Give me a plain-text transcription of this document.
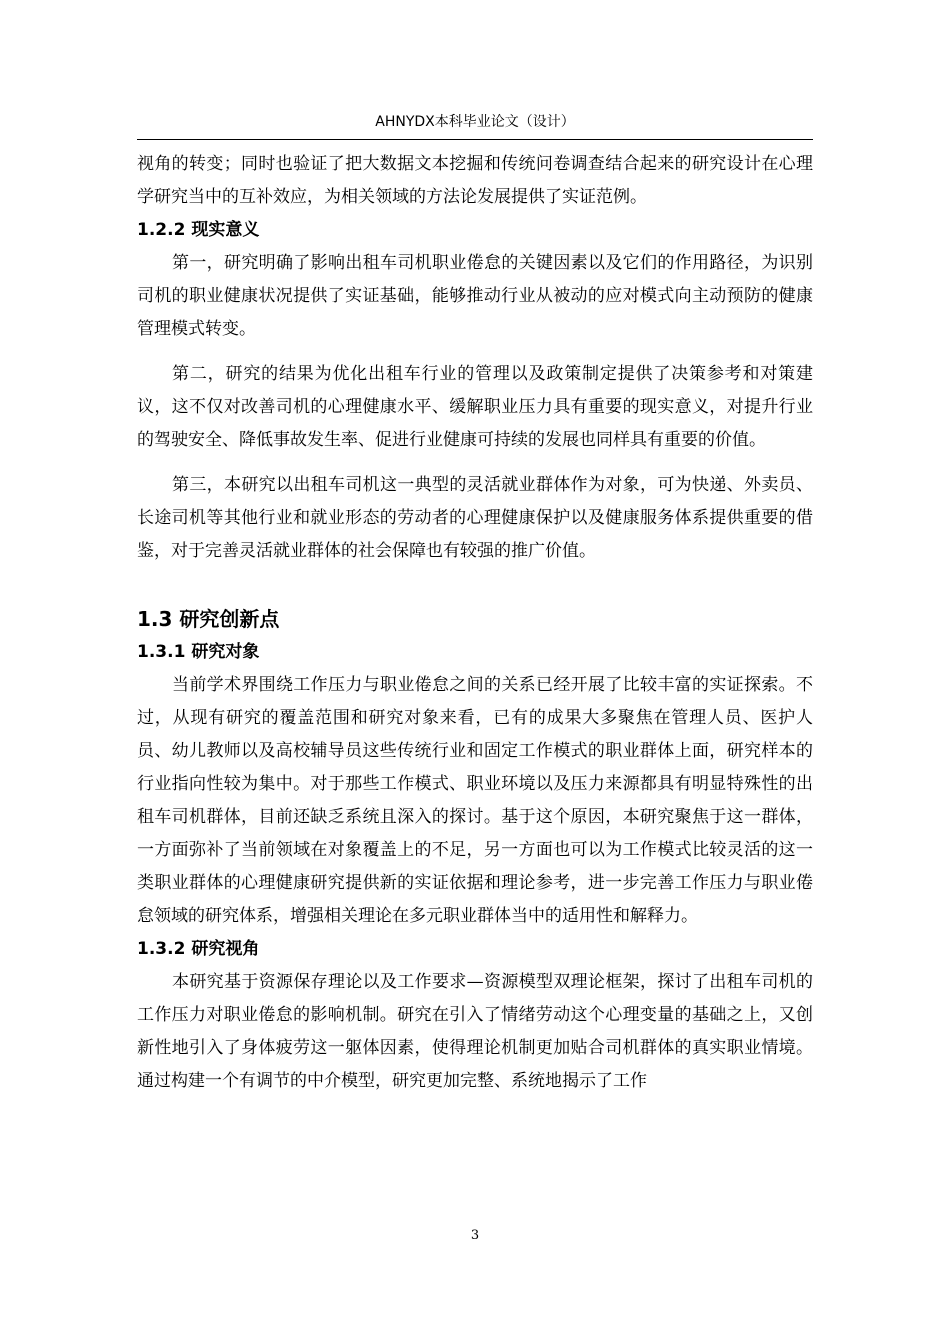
AHNYDX本科毕业论文（设计）

视角的转变；同时也验证了把大数据文本挖掘和传统问卷调查结合起来的研究设计在心理学研究当中的互补效应，为相关领域的方法论发展提供了实证范例。

1.2.2 现实意义

第一，研究明确了影响出租车司机职业倦怠的关键因素以及它们的作用路径，为识别司机的职业健康状况提供了实证基础，能够推动行业从被动的应对模式向主动预防的健康管理模式转变。

第二，研究的结果为优化出租车行业的管理以及政策制定提供了决策参考和对策建议，这不仅对改善司机的心理健康水平、缓解职业压力具有重要的现实意义，对提升行业的驾驶安全、降低事故发生率、促进行业健康可持续的发展也同样具有重要的价值。

第三，本研究以出租车司机这一典型的灵活就业群体作为对象，可为快递、外卖员、长途司机等其他行业和就业形态的劳动者的心理健康保护以及健康服务体系提供重要的借鉴，对于完善灵活就业群体的社会保障也有较强的推广价值。

1.3 研究创新点
1.3.1 研究对象

当前学术界围绕工作压力与职业倦怠之间的关系已经开展了比较丰富的实证探索。不过，从现有研究的覆盖范围和研究对象来看，已有的成果大多聚焦在管理人员、医护人员、幼儿教师以及高校辅导员这些传统行业和固定工作模式的职业群体上面，研究样本的行业指向性较为集中。对于那些工作模式、职业环境以及压力来源都具有明显特殊性的出租车司机群体，目前还缺乏系统且深入的探讨。基于这个原因，本研究聚焦于这一群体，一方面弥补了当前领域在对象覆盖上的不足，另一方面也可以为工作模式比较灵活的这一类职业群体的心理健康研究提供新的实证依据和理论参考，进一步完善工作压力与职业倦怠领域的研究体系，增强相关理论在多元职业群体当中的适用性和解释力。

1.3.2 研究视角

本研究基于资源保存理论以及工作要求—资源模型双理论框架，探讨了出租车司机的工作压力对职业倦怠的影响机制。研究在引入了情绪劳动这个心理变量的基础之上，又创新性地引入了身体疲劳这一躯体因素，使得理论机制更加贴合司机群体的真实职业情境。通过构建一个有调节的中介模型，研究更加完整、系统地揭示了工作

3
